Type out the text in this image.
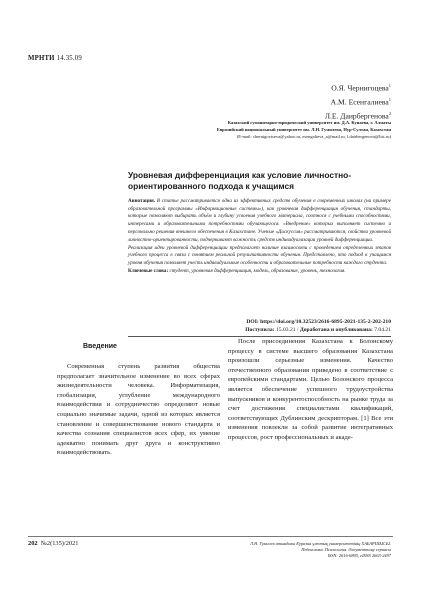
МРНТИ 14.35.09
О.Я. Чернигоцева$^1$
А.М. Есенгалиева$^1$
Л.Е. Даирбергенова$^2$
Казахский гуманитарно-юридический университет им. Д.А. Кунаева, г. Алматы
Евразийский национальный университет им. Л.Н. Гумилева, Нур-Султан, Казахстан
(E-mail: chernigovtseva@yahoo.ru, esengalieva_a@mail.ru, l.dairbergenova@list.ru)
Уровневая дифференциация как условие личностно-ориентированного подхода к учащимся

Аннотация. В статье рассматривается одна из эффективных средств обучения в современных школах (на примере образовательной программы «Информационные системы»), как уровневая дифференциация обучения, стандарты, которые позволяют выбирать объём и глубину усвоения учебного материала, соотнося с учебными способностями, интересами и образовательными потребностями обучающегося. «Внедрение» которых выполняет системно и персонально решения внешнего обеспечения в Казахстане. Ученые «Дискуссия» рассматриваются, свойства уровневой личностно-ориентированности, подчеркивают важность средств индивидуализации уровней дифференциации.

Реализация идеи уровневой дифференциации предполагает наличие взаимосвязи с проведением определенных этапов учебного процесса в связи с понятием реальной результативности обучения. Представлено, что подход к учащимся уровня обучения позволяет учесть индивидуальные особенности и образовательные потребности каждого студента.

Ключевые слова: студент, уровневая дифференциация, модель, образование, уровень, технология.

DOI: https://doi.org/10.32523/2616-6895-2021-135-2-202-210
Поступила: 15.03.21 / Доработана и опубликована: 7.04.21
Введение

Современная ступень развития общества предполагает значительное изменение во всех сферах жизнедеятельности человека. Информатизация, глобализация, углубление международного взаимодействия и сотрудничество определяют новые социально значимые задачи, одной из которых является становление и совершенствование нового стандарта и качества сознания специалистов всех сфер, их умение адекватно понимать друг друга и конструктивно взаимодействовать.

После присоединения Казахстана к Болонскому процессу в системе высшего образования Казахстана произошли серьезные изменения. Качество отечественного образования приведено в соответствие с европейскими стандартами. Целью Болонского процесса является обеспечение успешного трудоустройства выпускников и конкурентоспособность на рынке труда за счет достижения специалистами квалификаций, соответствующих Дублинским дескрипторам. [1] Все эти изменения повлекли за собой развитие интегративных процессов, рост профессиональных и акаде-

202 №2(135)/2021	Л.Н. Гумилев атындағы Еуразия ұлттық университетінің ХАБАРШЫСЫ.
Педагогика. Психология. Әлеуметтану сериясы
ISSN: 2616-6895, eISSN 2663-2497
